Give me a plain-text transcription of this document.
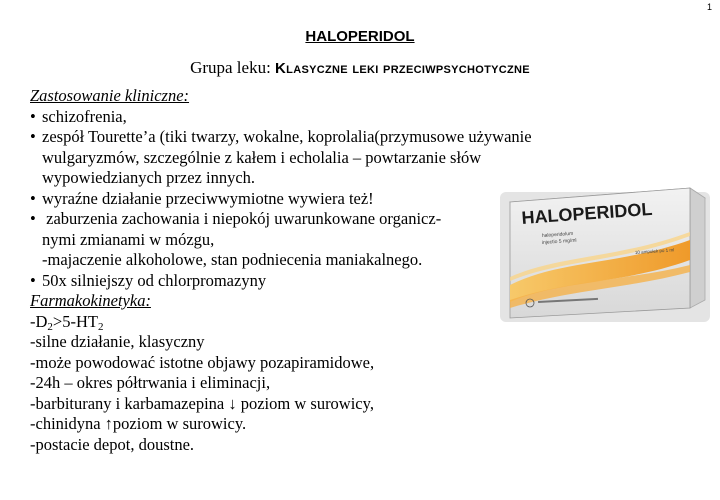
1
HALOPERIDOL
Grupa leku: Klasyczne leki przeciwpsychotyczne
Zastosowanie kliniczne:
• schizofrenia,
• zespół Tourette’a (tiki twarzy, wokalne, koprolalia(przymusowe używanie
wulgaryzmów, szczególnie z kałem i echolalia – powtarzanie słów
wypowiedzianych przez innych.
• wyraźne działanie przeciwwymiotne wywiera też!
• zaburzenia zachowania i niepokój uwarunkowane organicz-
nymi zmianami w mózgu,
-majaczenie alkoholowe, stan podniecenia maniakalnego.
• 50x silniejszy od chlorpromazyny
Farmakokinetyka:
$-D_2>5-HT_2$
-silne działanie, klasyczny
-może powodować istotne objawy pozapiramidowe,
-24h – okres półtrwania i eliminacji,
-barbiturany i karbamazepina ↓ poziom w surowicy,
-chinidyna ↑poziom w surowicy.
-postacie depot, doustne.
HALOPERIDOL
haloperidolum
injectio 5 mg/ml
10 ampułek po 1 ml
